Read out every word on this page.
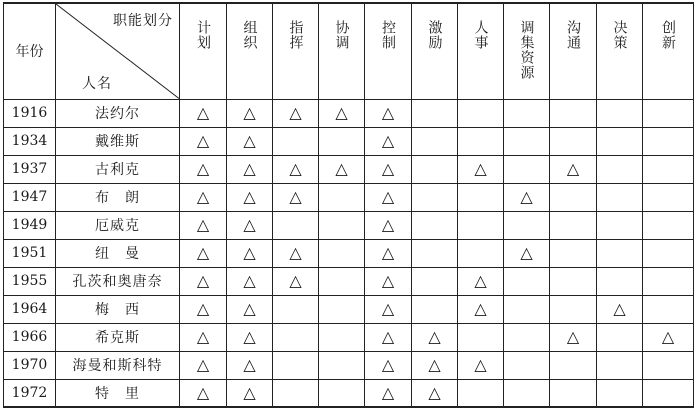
年份	职能划分
人名	计划	组织	指挥	协调	控制	激励	人事	调集资源	沟通	决策	创新
1916	法约尔	△	△	△	△	△						
1934	戴维斯	△	△			△						
1937	古利克	△	△	△	△	△		△		△		
1947	布　朗	△	△	△		△			△			
1949	厄威克	△	△			△						
1951	纽　曼	△	△	△		△			△			
1955	孔茨和奥唐奈	△	△	△		△		△				
1964	梅　西	△	△			△		△			△	
1966	希克斯	△	△			△	△			△		△
1970	海曼和斯科特	△	△			△	△	△				
1972	特　里	△	△			△	△					
